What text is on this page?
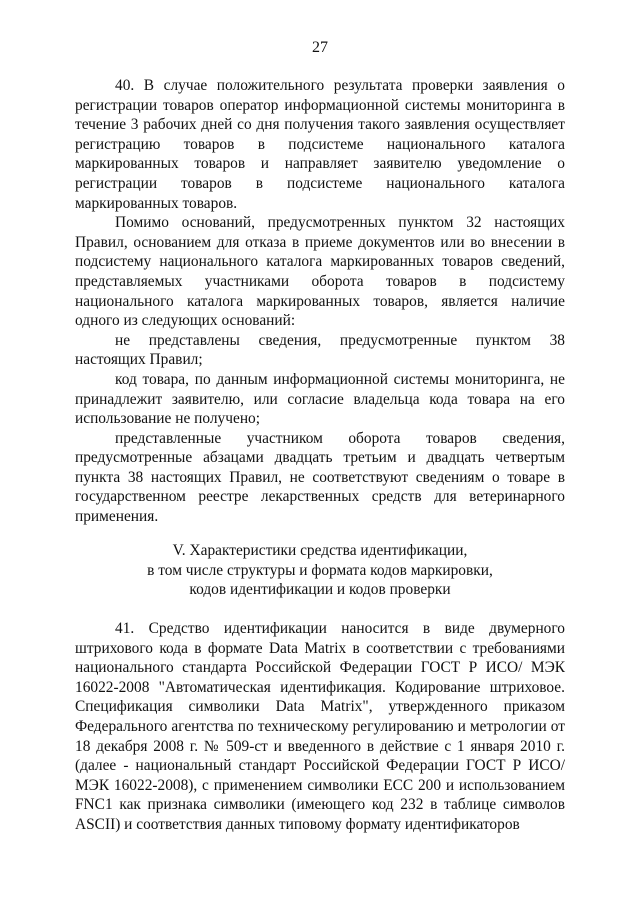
27

40. В случае положительного результата проверки заявления о регистрации товаров оператор информационной системы мониторинга в течение 3 рабочих дней со дня получения такого заявления осуществляет регистрацию товаров в подсистеме национального каталога маркированных товаров и направляет заявителю уведомление о регистрации товаров в подсистеме национального каталога маркированных товаров.

Помимо оснований, предусмотренных пунктом 32 настоящих Правил, основанием для отказа в приеме документов или во внесении в подсистему национального каталога маркированных товаров сведений, представляемых участниками оборота товаров в подсистему национального каталога маркированных товаров, является наличие одного из следующих оснований:

не представлены сведения, предусмотренные пунктом 38 настоящих Правил;

код товара, по данным информационной системы мониторинга, не принадлежит заявителю, или согласие владельца кода товара на его использование не получено;

представленные участником оборота товаров сведения, предусмотренные абзацами двадцать третьим и двадцать четвертым пункта 38 настоящих Правил, не соответствуют сведениям о товаре в государственном реестре лекарственных средств для ветеринарного применения.

V. Характеристики средства идентификации,
в том числе структуры и формата кодов маркировки,
кодов идентификации и кодов проверки

41. Средство идентификации наносится в виде двумерного штрихового кода в формате Data Matrix в соответствии с требованиями национального стандарта Российской Федерации ГОСТ Р ИСО/ МЭК 16022-2008 "Автоматическая идентификация. Кодирование штриховое. Спецификация символики Data Matrix", утвержденного приказом Федерального агентства по техническому регулированию и метрологии от 18 декабря 2008 г. № 509-ст и введенного в действие с 1 января 2010 г. (далее - национальный стандарт Российской Федерации ГОСТ Р ИСО/ МЭК 16022-2008), с применением символики ECC 200 и использованием FNC1 как признака символики (имеющего код 232 в таблице символов ASCII) и соответствия данных типовому формату идентификаторов
